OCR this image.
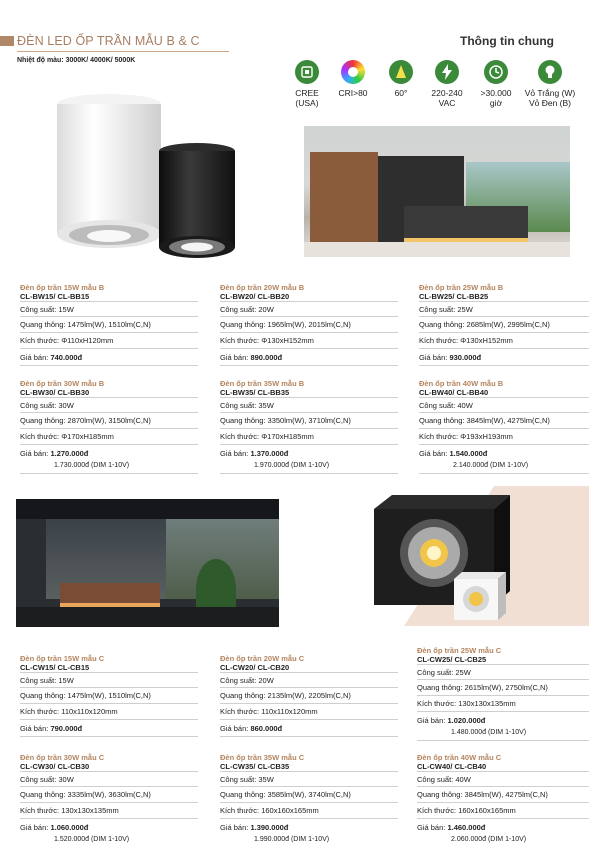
ĐÈN LED ỐP TRẦN MẪU B & C
Nhiệt độ màu: 3000K/ 4000K/ 5000K
Thông tin chung
CREE
(USA)
CRI>80	60°	220-240
VAC
>30.000
giờ
Vỏ Trắng (W)
Vỏ Đen (B)
Đèn ốp trần 15W mẫu B
CL-BW15/ CL-BB15
Công suất: 15W
Quang thông: 1475lm(W), 1510lm(C,N)
Kích thước: Φ110xH120mm
Giá bán: 740.000đ
Đèn ốp trần 20W mẫu B
CL-BW20/ CL-BB20
Công suất: 20W
Quang thông: 1965lm(W), 2015lm(C,N)
Kích thước: Φ130xH152mm
Giá bán: 890.000đ
Đèn ốp trần 25W mẫu B
CL-BW25/ CL-BB25
Công suất: 25W
Quang thông: 2685lm(W), 2995lm(C,N)
Kích thước: Φ130xH152mm
Giá bán: 930.000đ
Đèn ốp trần 30W mẫu B
CL-BW30/ CL-BB30
Công suất: 30W
Quang thông: 2870lm(W), 3150lm(C,N)
Kích thước: Φ170xH185mm
Giá bán: 1.270.000đ
1.730.000đ (DIM 1-10V)
Đèn ốp trần 35W mẫu B
CL-BW35/ CL-BB35
Công suất: 35W
Quang thông: 3350lm(W), 3710lm(C,N)
Kích thước: Φ170xH185mm
Giá bán: 1.370.000đ
1.970.000đ (DIM 1-10V)
Đèn ốp trần 40W mẫu B
CL-BW40/ CL-BB40
Công suất: 40W
Quang thông: 3845lm(W), 4275lm(C,N)
Kích thước: Φ193xH193mm
Giá bán: 1.540.000đ
2.140.000đ (DIM 1-10V)
Đèn ốp trần 15W mẫu C
CL-CW15/ CL-CB15
Công suất: 15W
Quang thông: 1475lm(W), 1510lm(C,N)
Kích thước: 110x110x120mm
Giá bán: 790.000đ
Đèn ốp trần 20W mẫu C
CL-CW20/ CL-CB20
Công suất: 20W
Quang thông: 2135lm(W), 2205lm(C,N)
Kích thước: 110x110x120mm
Giá bán: 860.000đ
Đèn ốp trần 25W mẫu C
CL-CW25/ CL-CB25
Công suất: 25W
Quang thông: 2615lm(W), 2750lm(C,N)
Kích thước: 130x130x135mm
Giá bán: 1.020.000đ
1.480.000đ (DIM 1-10V)
Đèn ốp trần 30W mẫu C
CL-CW30/ CL-CB30
Công suất: 30W
Quang thông: 3335lm(W), 3630lm(C,N)
Kích thước: 130x130x135mm
Giá bán: 1.060.000đ
1.520.000đ (DIM 1-10V)
Đèn ốp trần 35W mẫu C
CL-CW35/ CL-CB35
Công suất: 35W
Quang thông: 3585lm(W), 3740lm(C,N)
Kích thước: 160x160x165mm
Giá bán: 1.390.000đ
1.990.000đ (DIM 1-10V)
Đèn ốp trần 40W mẫu C
CL-CW40/ CL-CB40
Công suất: 40W
Quang thông: 3845lm(W), 4275lm(C,N)
Kích thước: 160x160x165mm
Giá bán: 1.460.000đ
2.060.000đ (DIM 1-10V)
